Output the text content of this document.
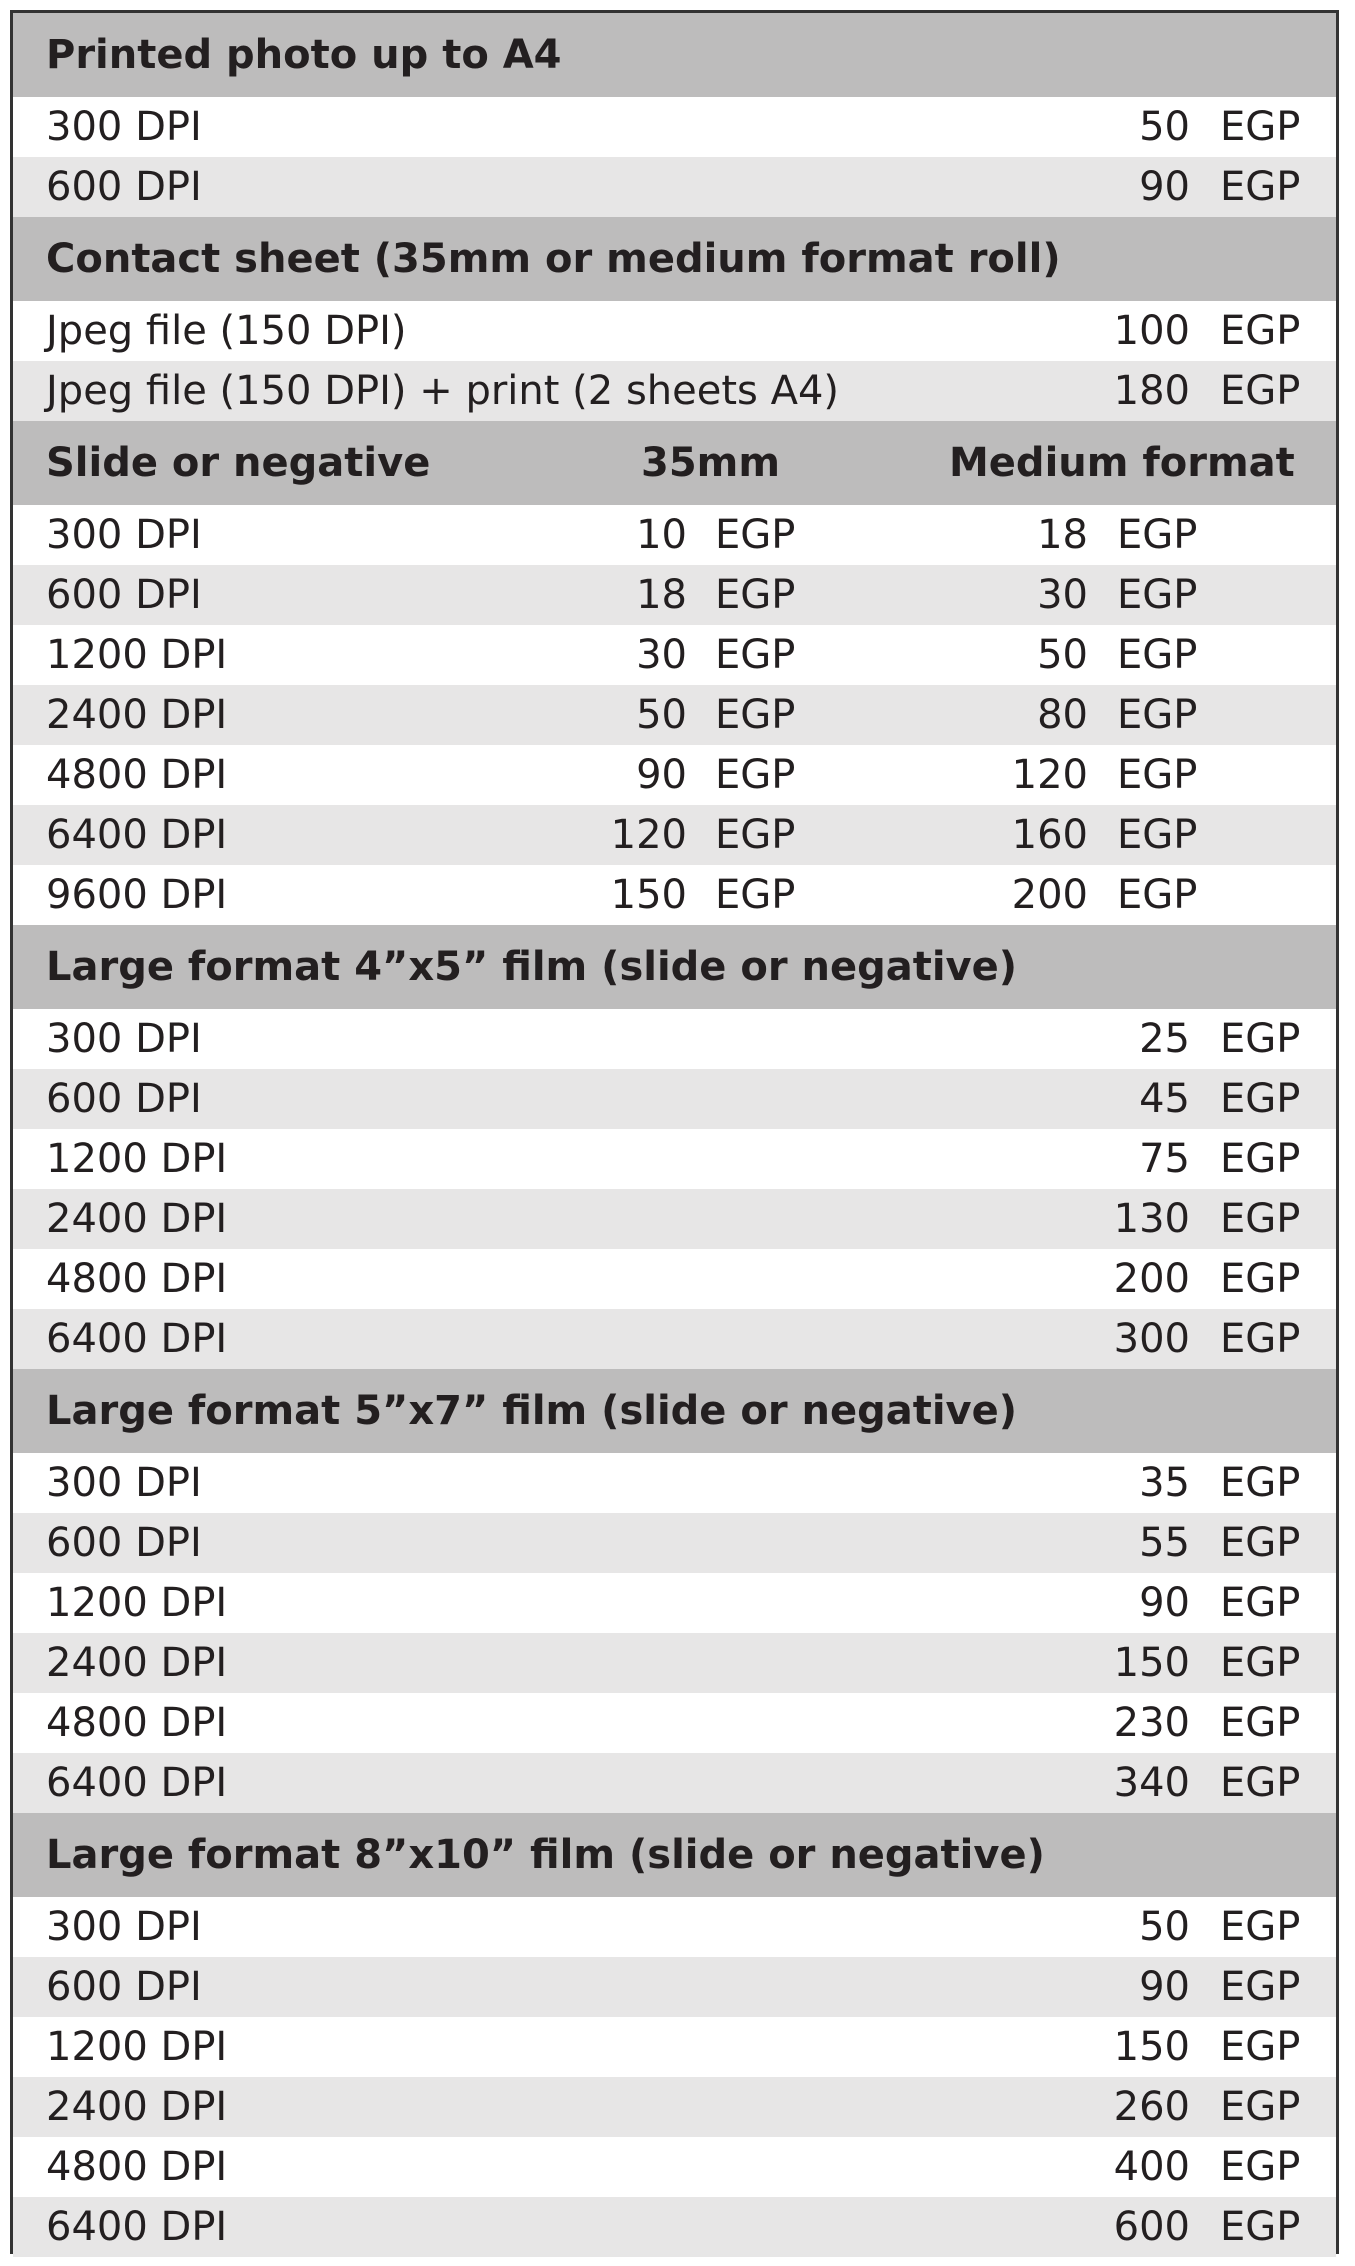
Printed photo up to A4
300 DPI	50 EGP
600 DPI	90 EGP
Contact sheet (35mm or medium format roll)
Jpeg file (150 DPI)	100 EGP
Jpeg file (150 DPI) + print (2 sheets A4)	180 EGP
Slide or negative	35mm	Medium format
300 DPI	10 EGP	18 EGP
600 DPI	18 EGP	30 EGP
1200 DPI	30 EGP	50 EGP
2400 DPI	50 EGP	80 EGP
4800 DPI	90 EGP	120 EGP
6400 DPI	120 EGP	160 EGP
9600 DPI	150 EGP	200 EGP
Large format 4”x5” film (slide or negative)
300 DPI	25 EGP
600 DPI	45 EGP
1200 DPI	75 EGP
2400 DPI	130 EGP
4800 DPI	200 EGP
6400 DPI	300 EGP
Large format 5”x7” film (slide or negative)
300 DPI	35 EGP
600 DPI	55 EGP
1200 DPI	90 EGP
2400 DPI	150 EGP
4800 DPI	230 EGP
6400 DPI	340 EGP
Large format 8”x10” film (slide or negative)
300 DPI	50 EGP
600 DPI	90 EGP
1200 DPI	150 EGP
2400 DPI	260 EGP
4800 DPI	400 EGP
6400 DPI	600 EGP
